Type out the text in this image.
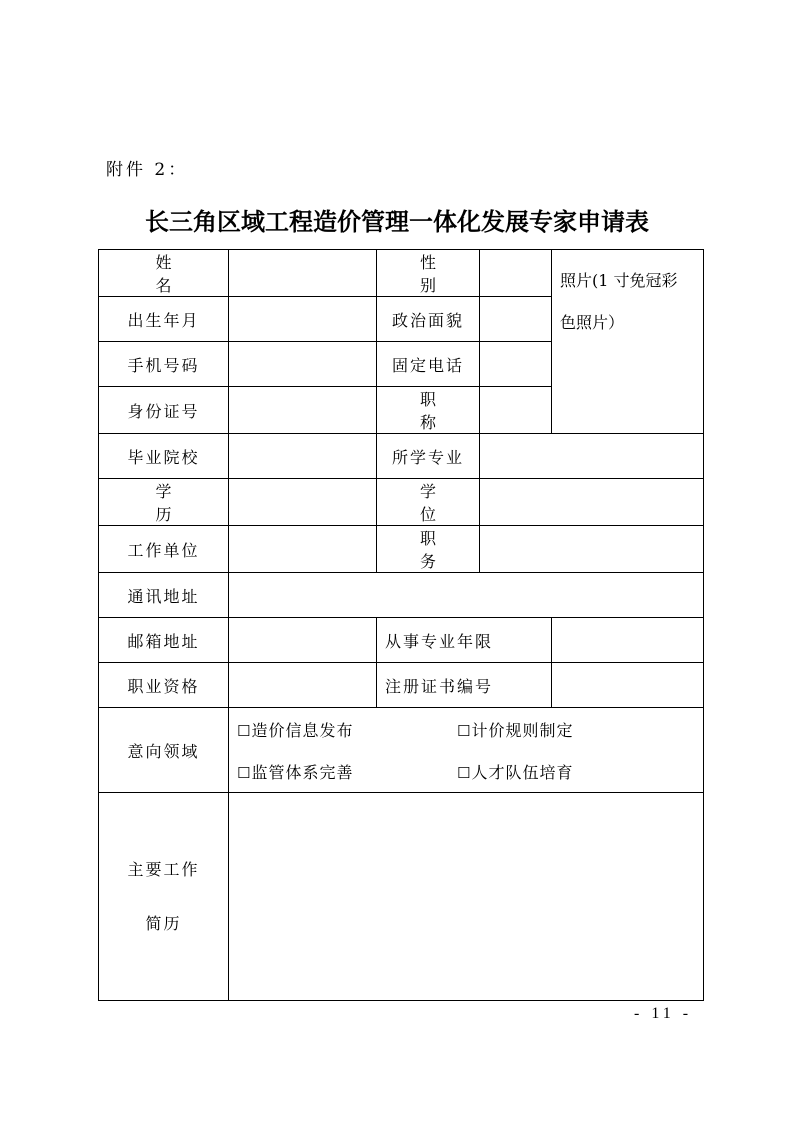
附件 2：
长三角区域工程造价管理一体化发展专家申请表
姓名		性别		照片(1 寸免冠彩
色照片）

出生年月		政治面貌		
手机号码		固定电话		
身份证号		职称		
毕业院校		所学专业		
学历		学位		
工作单位		职务		
通讯地址				
邮箱地址		从事专业年限		
职业资格		注册证书编号		
意向领域	☐造价信息发布 ☐计价规则制定
☐监管体系完善 ☐人才队伍培育			

主要工作
简历				

- 11 -
